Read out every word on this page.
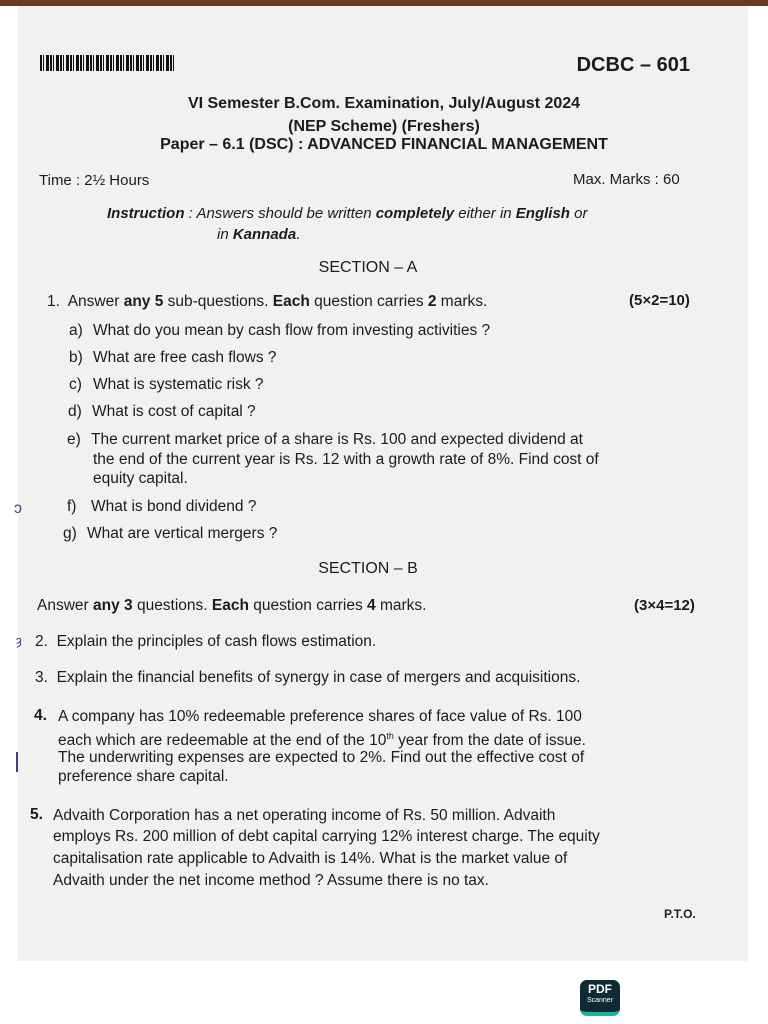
DCBC – 601
VI Semester B.Com. Examination, July/August 2024
(NEP Scheme) (Freshers)
Paper – 6.1 (DSC) : ADVANCED FINANCIAL MANAGEMENT
Time : 2½ Hours	Max. Marks : 60
Instruction : Answers should be written completely either in English or
in Kannada.
SECTION – A
1. Answer any 5 sub-questions. Each question carries 2 marks.	(5×2=10)
a) What do you mean by cash flow from investing activities ?
b) What are free cash flows ?
c) What is systematic risk ?
d) What is cost of capital ?
e) The current market price of a share is Rs. 100 and expected dividend at
the end of the current year is Rs. 12 with a growth rate of 8%. Find cost of
equity capital.
f) What is bond dividend ?
g) What are vertical mergers ?
SECTION – B
Answer any 3 questions. Each question carries 4 marks.	(3×4=12)
2. Explain the principles of cash flows estimation.
3. Explain the financial benefits of synergy in case of mergers and acquisitions.
4. A company has 10% redeemable preference shares of face value of Rs. 100
each which are redeemable at the end of the 10th year from the date of issue.
The underwriting expenses are expected to 2%. Find out the effective cost of
preference share capital.
5. Advaith Corporation has a net operating income of Rs. 50 million. Advaith
employs Rs. 200 million of debt capital carrying 12% interest charge. The equity
capitalisation rate applicable to Advaith is 14%. What is the market value of
Advaith under the net income method ? Assume there is no tax.
P.T.O.
ɔ
ȝ
PDF
Scanner
